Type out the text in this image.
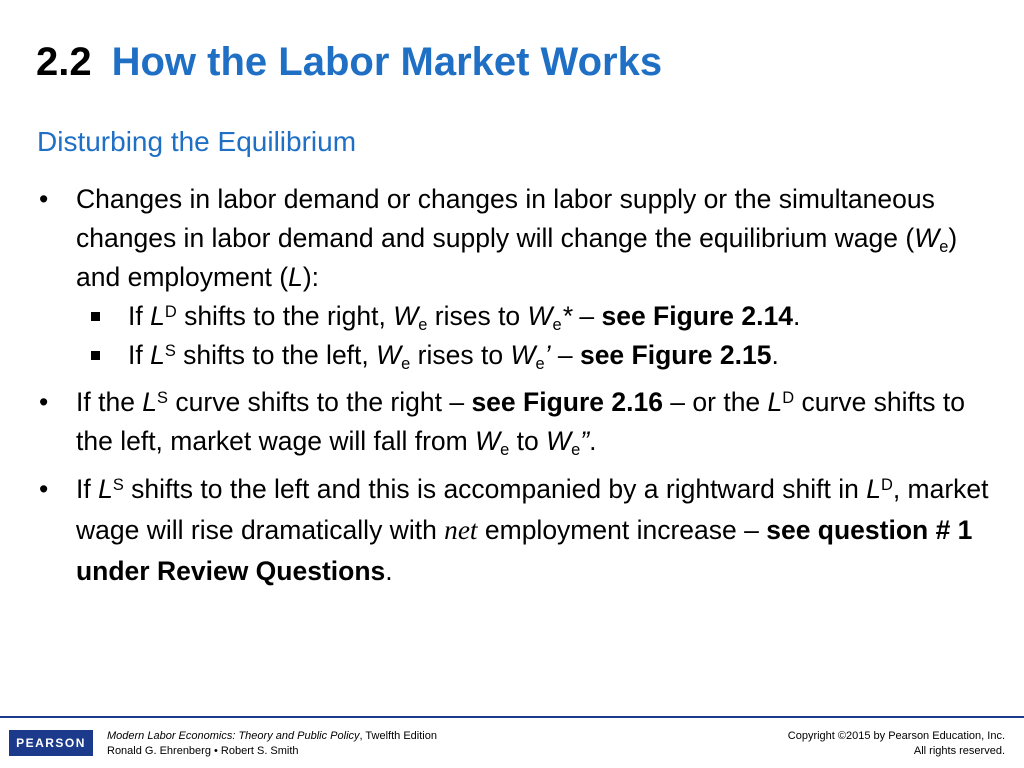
2.2 How the Labor Market Works
Disturbing the Equilibrium
• Changes in labor demand or changes in labor supply or the simultaneous changes in labor demand and supply will change the equilibrium wage $(W_e)$ and employment (L):
If $L^D$ shifts to the right, $W_e$ rises to $W_e*$ – see Figure 2.14.
If $L^S$ shifts to the left, $W_e$ rises to $W_e$’ – see Figure 2.15.
• If the $L^S$ curve shifts to the right – see Figure 2.16 – or the $L^D$ curve shifts to the left, market wage will fall from $W_e$ to $W_e$”.
• If $L^S$ shifts to the left and this is accompanied by a rightward shift in $L^D$, market wage will rise dramatically with net employment increase – see question # 1 under Review Questions.
PEARSON	Modern Labor Economics: Theory and Public Policy, Twelfth Edition
Ronald G. Ehrenberg • Robert S. Smith
Copyright ©2015 by Pearson Education, Inc.
All rights reserved.
